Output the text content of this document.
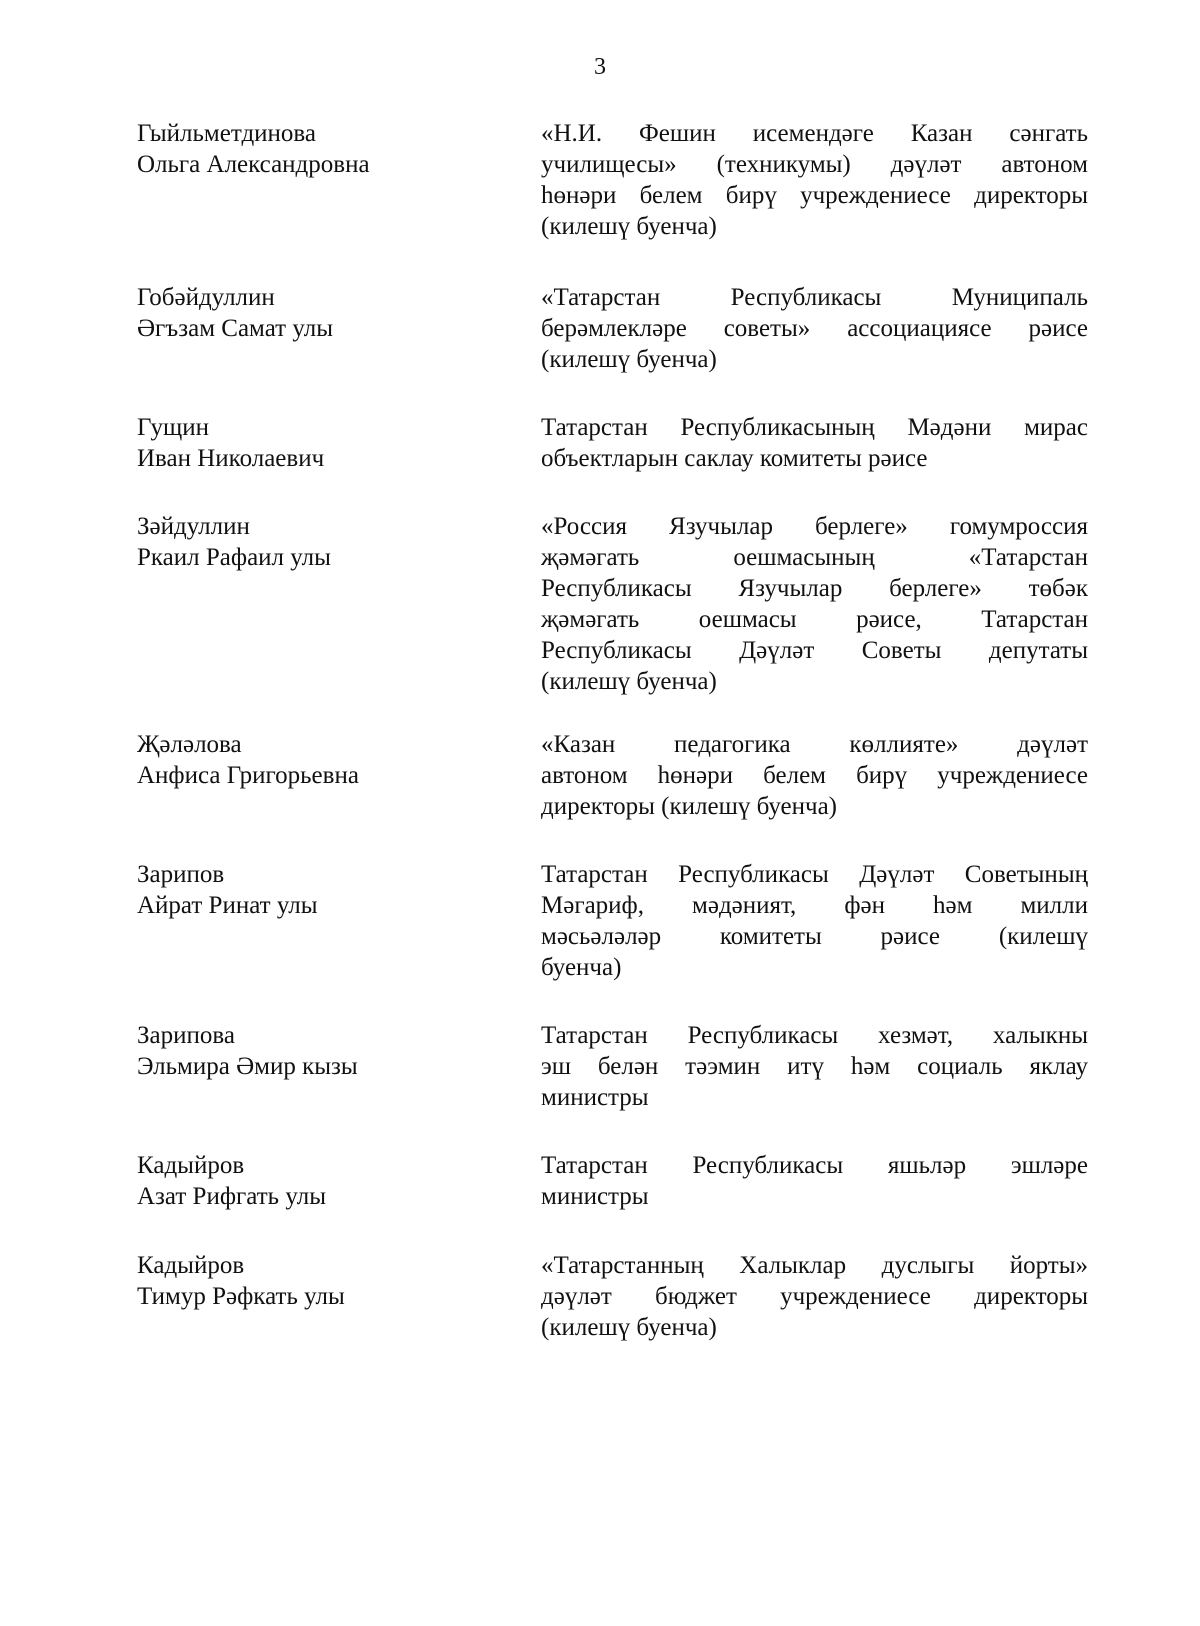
3
Гыйльметдинова
Ольга Александровна
«Н.И. Фешин исемендәге Казан сәнгать
училищесы» (техникумы) дәүләт автоном
һөнәри белем бирү учреждениесе директоры
(килешү буенча)
Гобәйдуллин
Әгъзам Самат улы
«Татарстан Республикасы Муниципаль
берәмлекләре советы» ассоциациясе рәисе
(килешү буенча)
Гущин
Иван Николаевич
Татарстан Республикасының Мәдәни мирас
объектларын саклау комитеты рәисе
Зәйдуллин
Ркаил Рафаил улы
«Россия Язучылар берлеге» гомумроссия
җәмәгать оешмасының «Татарстан
Республикасы Язучылар берлеге» төбәк
җәмәгать оешмасы рәисе, Татарстан
Республикасы Дәүләт Советы депутаты
(килешү буенча)
Җәләлова
Анфиса Григорьевна
«Казан педагогика көллияте» дәүләт
автоном һөнәри белем бирү учреждениесе
директоры (килешү буенча)
Зарипов
Айрат Ринат улы
Татарстан Республикасы Дәүләт Советының
Мәгариф, мәдәният, фән һәм милли
мәсьәләләр комитеты рәисе (килешү
буенча)
Зарипова
Эльмира Әмир кызы
Татарстан Республикасы хезмәт, халыкны
эш белән тәэмин итү һәм социаль яклау
министры
Кадыйров
Азат Рифгать улы
Татарстан Республикасы яшьләр эшләре
министры
Кадыйров
Тимур Рәфкать улы
«Татарстанның Халыклар дуслыгы йорты»
дәүләт бюджет учреждениесе директоры
(килешү буенча)
